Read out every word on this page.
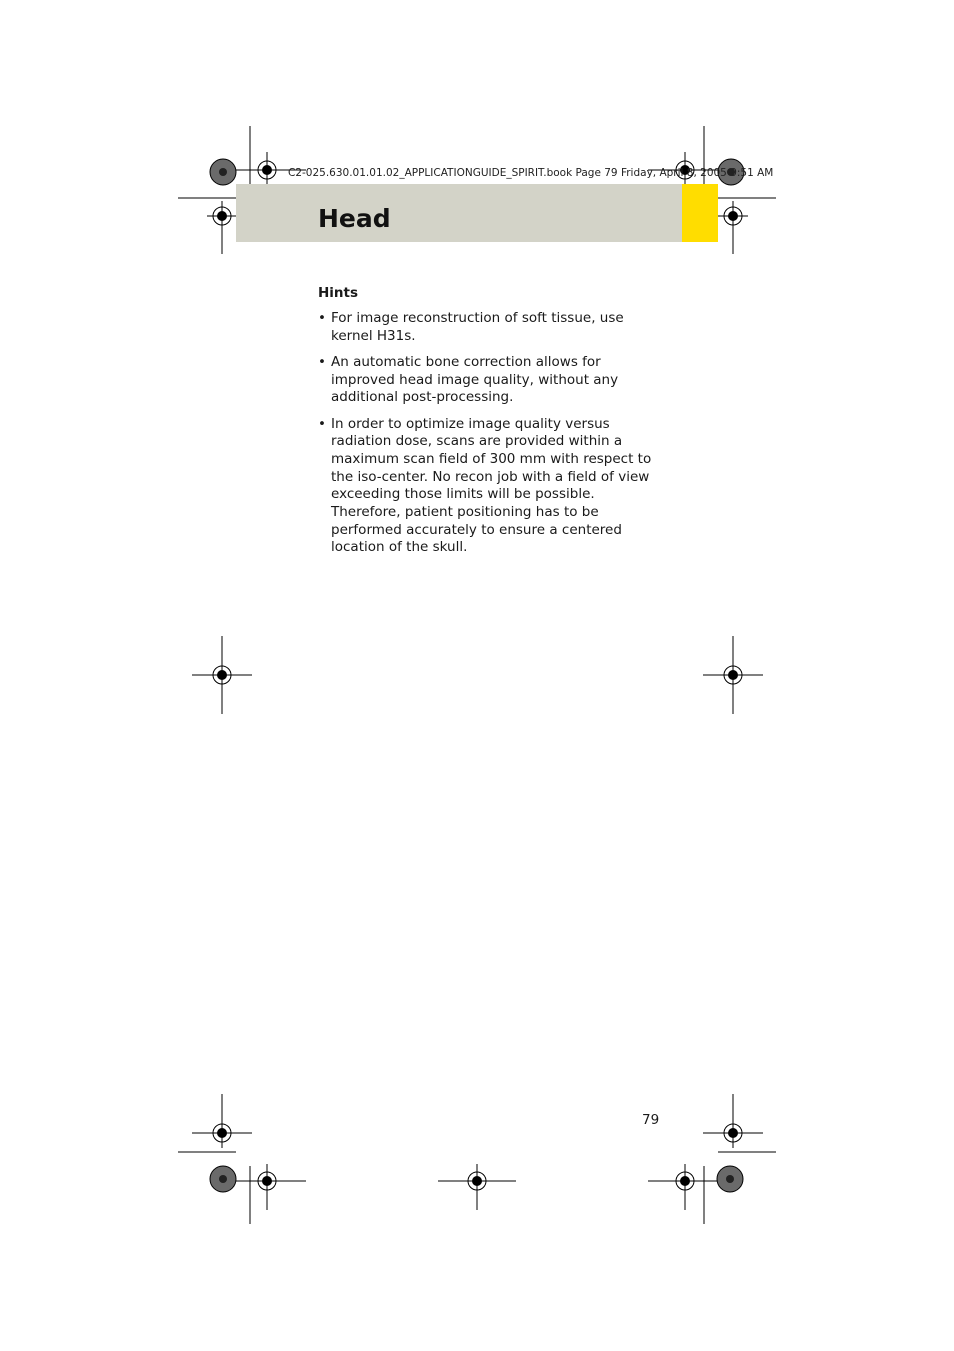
C2-025.630.01.01.02_APPLICATIONGUIDE_SPIRIT.book Page 79 Friday, April 8, 2005 9:51 AM
Head
Hints
• For image reconstruction of soft tissue, use kernel H31s.
• An automatic bone correction allows for improved head image quality, without any additional post-processing.
• In order to optimize image quality versus radiation dose, scans are provided within a maximum scan field of 300 mm with respect to the iso-center. No recon job with a field of view exceeding those limits will be possible. Therefore, patient positioning has to be performed accurately to ensure a centered location of the skull.
79
